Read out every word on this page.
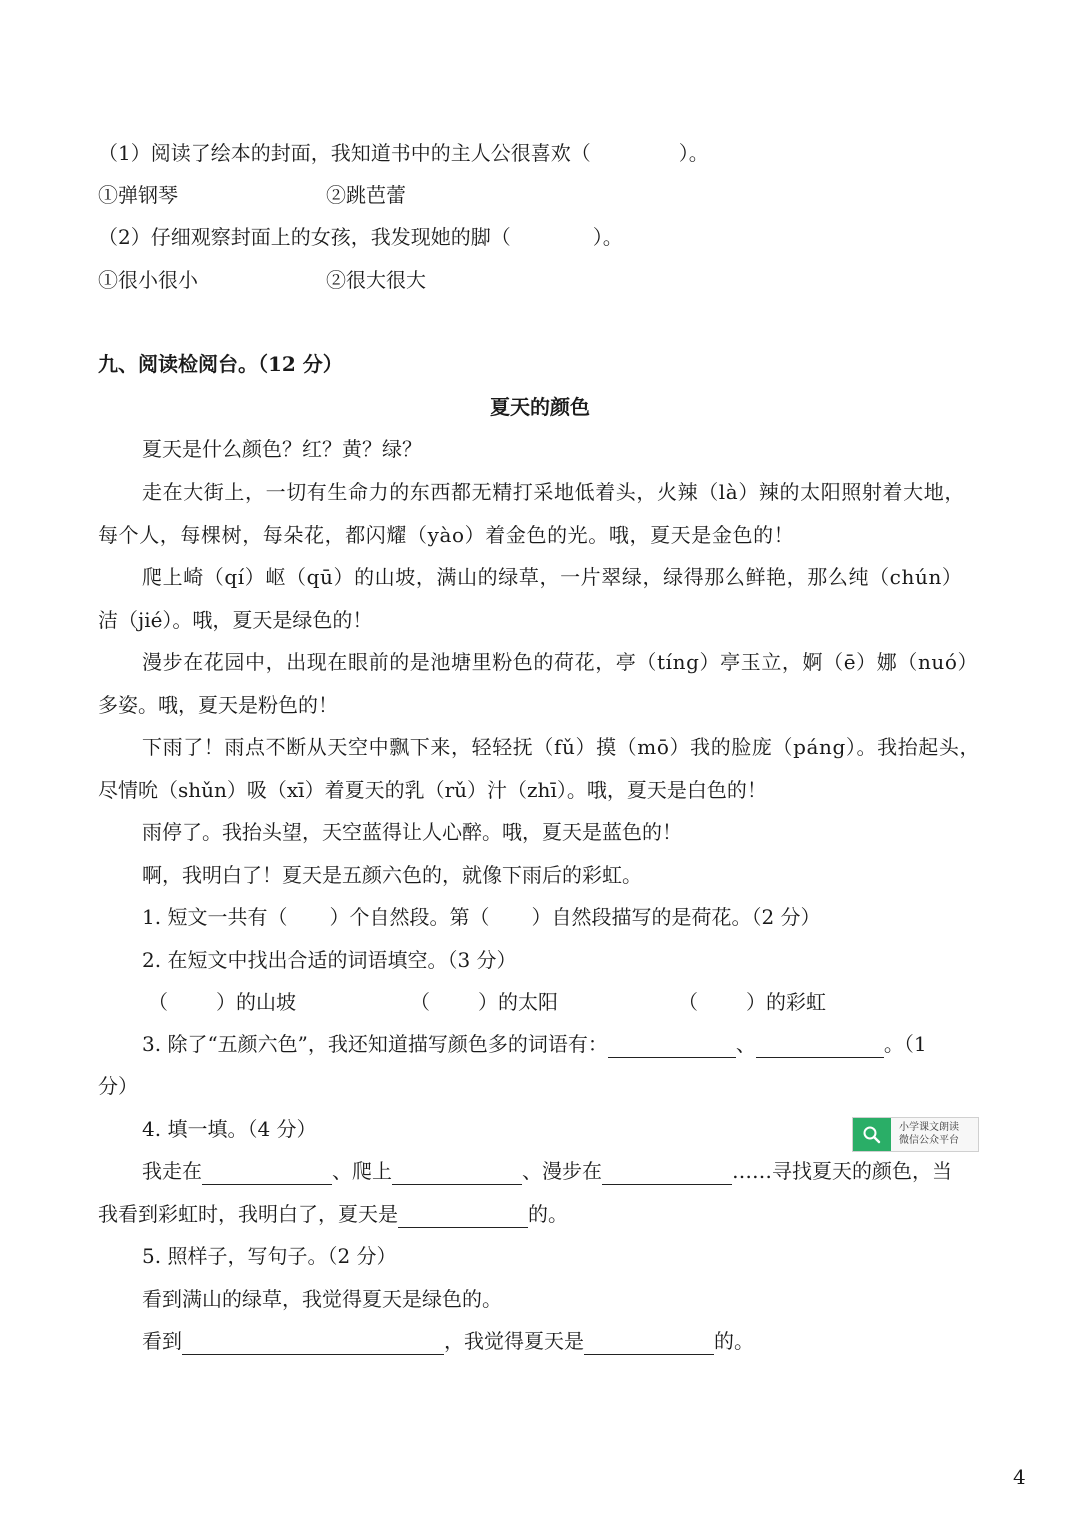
（1）阅读了绘本的封面，我知道书中的主人公很喜欢（	）。
①弹钢琴	②跳芭蕾
（2）仔细观察封面上的女孩，我发现她的脚（	）。
①很小很小	②很大很大
九、阅读检阅台。（12 分）
夏天的颜色
夏天是什么颜色？红？黄？绿？
走在大街上，一切有生命力的东西都无精打采地低着头，火辣（là）辣的太阳照射着大地，
每个人，每棵树，每朵花，都闪耀（yào）着金色的光。哦，夏天是金色的！
爬上崎（qí）岖（qū）的山坡，满山的绿草，一片翠绿，绿得那么鲜艳，那么纯（chún）
洁（jié）。哦，夏天是绿色的！
漫步在花园中，出现在眼前的是池塘里粉色的荷花，亭（tíng）亭玉立，婀（ē）娜（nuó）
多姿。哦，夏天是粉色的！
下雨了！雨点不断从天空中飘下来，轻轻抚（fǔ）摸（mō）我的脸庞（páng）。我抬起头，
尽情吮（shǔn）吸（xī）着夏天的乳（rǔ）汁（zhī）。哦，夏天是白色的！
雨停了。我抬头望，天空蓝得让人心醉。哦，夏天是蓝色的！
啊，我明白了！夏天是五颜六色的，就像下雨后的彩虹。
1. 短文一共有（ ）个自然段。第（ ）自然段描写的是荷花。（2 分）
2. 在短文中找出合适的词语填空。（3 分）
（ ）的山坡	（ ）的太阳	（ ）的彩虹
3. 除了“五颜六色”，我还知道描写颜色多的词语有：	、	。（1
分）
4. 填一填。（4 分）	小学课文朗读
微信公众平台
我走在	、爬上	、漫步在	……寻找夏天的颜色，当
我看到彩虹时，我明白了，夏天是	的。
5. 照样子，写句子。（2 分）
看到满山的绿草，我觉得夏天是绿色的。
看到	，我觉得夏天是	的。
4
